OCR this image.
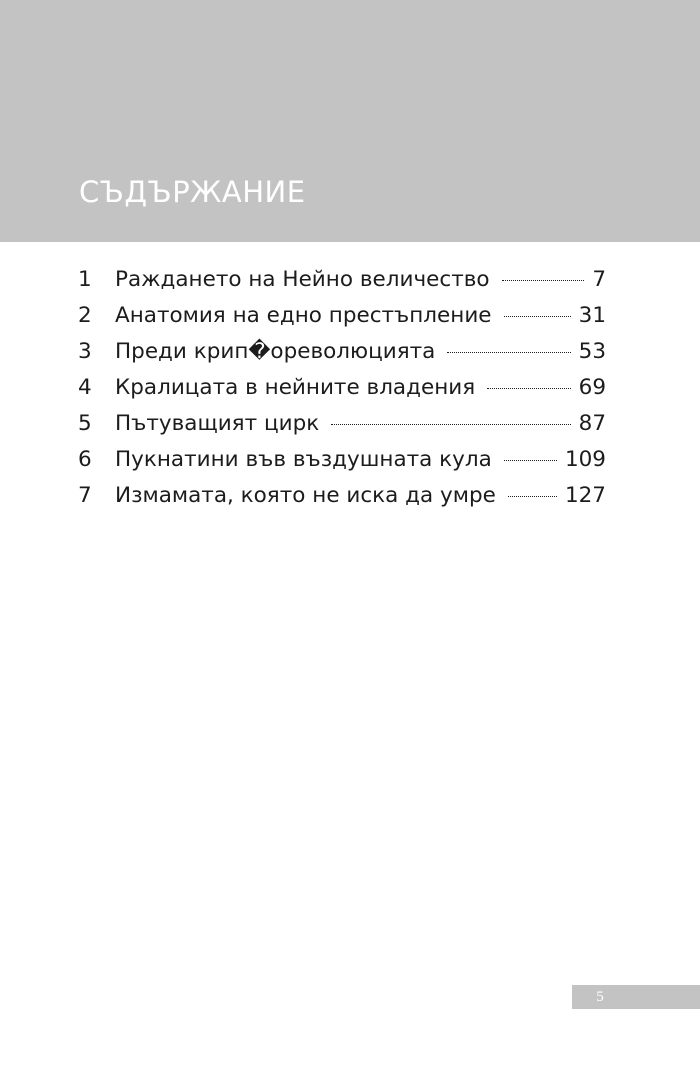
СЪДЪРЖАНИЕ
1	Раждането на Нейно величество	7
2	Анатомия на едно престъпление	31
3	Преди крип�ореволюцията	53
4	Кралицата в нейните владения	69
5	Пътуващият цирк	87
6	Пукнатини във въздушната кула	109
7	Измамата, която не иска да умре	127
5
